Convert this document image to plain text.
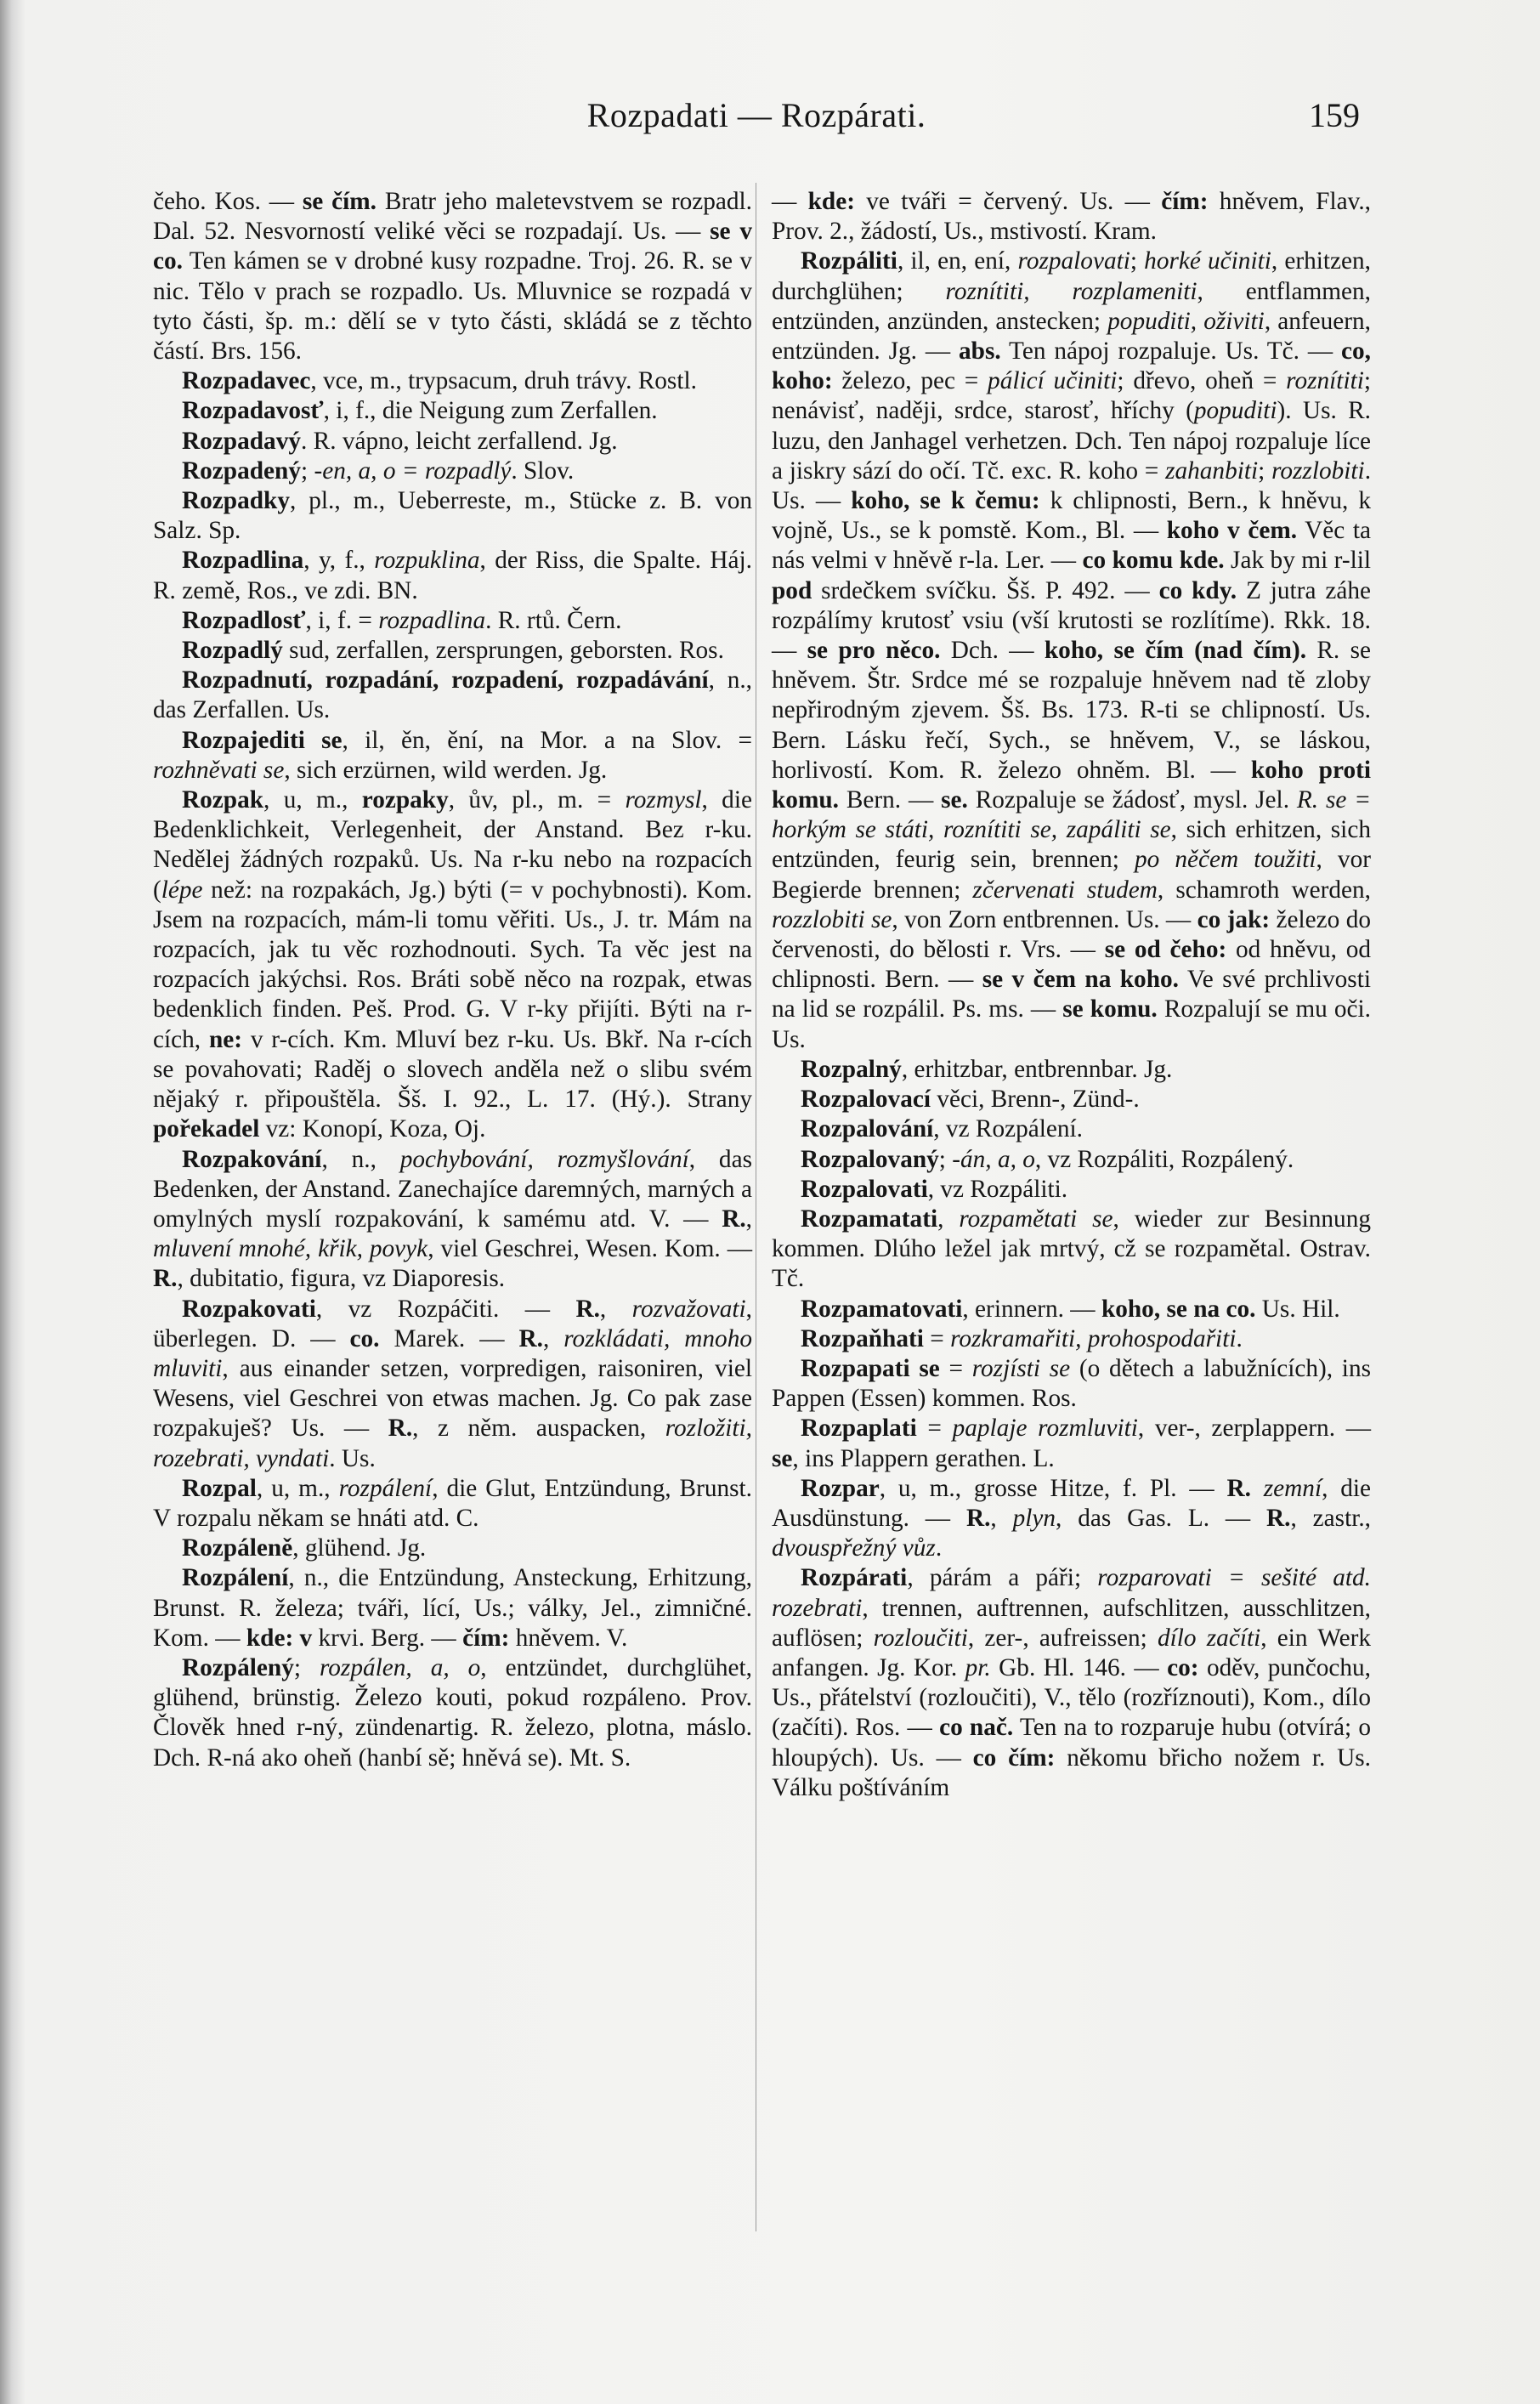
Rozpadati — Rozpárati.	159

čeho. Kos. — se čím. Bratr jeho maletevstvem se rozpadl. Dal. 52. Nesvorností veliké věci se rozpadají. Us. — se v co. Ten kámen se v drobné kusy rozpadne. Troj. 26. R. se v nic. Tělo v prach se rozpadlo. Us. Mluvnice se rozpadá v tyto části, šp. m.: dělí se v tyto části, skládá se z těchto částí. Brs. 156.

Rozpadavec, vce, m., trypsacum, druh trávy. Rostl.

Rozpadavosť, i, f., die Neigung zum Zerfallen.

Rozpadavý. R. vápno, leicht zerfallend. Jg.

Rozpadený; -en, a, o = rozpadlý. Slov.

Rozpadky, pl., m., Ueberreste, m., Stücke z. B. von Salz. Sp.

Rozpadlina, y, f., rozpuklina, der Riss, die Spalte. Háj. R. země, Ros., ve zdi. BN.

Rozpadlosť, i, f. = rozpadlina. R. rtů. Čern.

Rozpadlý sud, zerfallen, zersprungen, geborsten. Ros.

Rozpadnutí, rozpadání, rozpadení, rozpadávání, n., das Zerfallen. Us.

Rozpajediti se, il, ěn, ění, na Mor. a na Slov. = rozhněvati se, sich erzürnen, wild werden. Jg.

Rozpak, u, m., rozpaky, ův, pl., m. = rozmysl, die Bedenklichkeit, Verlegenheit, der Anstand. Bez r-ku. Nedělej žádných rozpaků. Us. Na r-ku nebo na rozpacích (lépe než: na rozpakách, Jg.) býti (= v pochybnosti). Kom. Jsem na rozpacích, mám-li tomu věřiti. Us., J. tr. Mám na rozpacích, jak tu věc rozhodnouti. Sych. Ta věc jest na rozpacích jakýchsi. Ros. Bráti sobě něco na rozpak, etwas bedenklich finden. Peš. Prod. G. V r-ky přijíti. Býti na r-cích, ne: v r-cích. Km. Mluví bez r-ku. Us. Bkř. Na r-cích se povahovati; Raděj o slovech anděla než o slibu svém nějaký r. připouštěla. Šš. I. 92., L. 17. (Hý.). Strany pořekadel vz: Konopí, Koza, Oj.

Rozpakování, n., pochybování, rozmyšlování, das Bedenken, der Anstand. Zanechajíce daremných, marných a omylných myslí rozpakování, k samému atd. V. — R., mluvení mnohé, křik, povyk, viel Geschrei, Wesen. Kom. — R., dubitatio, figura, vz Diaporesis.

Rozpakovati, vz Rozpáčiti. — R., rozvažovati, überlegen. D. — co. Marek. — R., rozkládati, mnoho mluviti, aus einander setzen, vorpredigen, raisoniren, viel Wesens, viel Geschrei von etwas machen. Jg. Co pak zase rozpakuješ? Us. — R., z něm. auspacken, rozložiti, rozebrati, vyndati. Us.

Rozpal, u, m., rozpálení, die Glut, Entzündung, Brunst. V rozpalu někam se hnáti atd. C.

Rozpáleně, glühend. Jg.

Rozpálení, n., die Entzündung, Ansteckung, Erhitzung, Brunst. R. železa; tváři, lící, Us.; války, Jel., zimničné. Kom. — kde: v krvi. Berg. — čím: hněvem. V.

Rozpálený; rozpálen, a, o, entzündet, durchglühet, glühend, brünstig. Železo kouti, pokud rozpáleno. Prov. Člověk hned r-ný, zündenartig. R. železo, plotna, máslo. Dch. R-ná ako oheň (hanbí sě; hněvá se). Mt. S.

— kde: ve tváři = červený. Us. — čím: hněvem, Flav., Prov. 2., žádostí, Us., mstivostí. Kram.

Rozpáliti, il, en, ení, rozpalovati; horké učiniti, erhitzen, durchglühen; roznítiti, rozplameniti, entflammen, entzünden, anzünden, anstecken; popuditi, oživiti, anfeuern, entzünden. Jg. — abs. Ten nápoj rozpaluje. Us. Tč. — co, koho: železo, pec = pálicí učiniti; dřevo, oheň = roznítiti; nenávisť, naději, srdce, starosť, hříchy (popuditi). Us. R. luzu, den Janhagel verhetzen. Dch. Ten nápoj rozpaluje líce a jiskry sází do očí. Tč. exc. R. koho = zahanbiti; rozzlobiti. Us. — koho, se k čemu: k chlipnosti, Bern., k hněvu, k vojně, Us., se k pomstě. Kom., Bl. — koho v čem. Věc ta nás velmi v hněvě r-la. Ler. — co komu kde. Jak by mi r-lil pod srdečkem svíčku. Šš. P. 492. — co kdy. Z jutra záhe rozpálímy krutosť vsiu (vší krutosti se rozlítíme). Rkk. 18. — se pro něco. Dch. — koho, se čím (nad čím). R. se hněvem. Štr. Srdce mé se rozpaluje hněvem nad tě zloby nepřirodným zjevem. Šš. Bs. 173. R-ti se chlipností. Us. Bern. Lásku řečí, Sych., se hněvem, V., se láskou, horlivostí. Kom. R. železo ohněm. Bl. — koho proti komu. Bern. — se. Rozpaluje se žádosť, mysl. Jel. R. se = horkým se státi, roznítiti se, zapáliti se, sich erhitzen, sich entzünden, feurig sein, brennen; po něčem toužiti, vor Begierde brennen; zčervenati studem, schamroth werden, rozzlobiti se, von Zorn entbrennen. Us. — co jak: železo do červenosti, do bělosti r. Vrs. — se od čeho: od hněvu, od chlipnosti. Bern. — se v čem na koho. Ve své prchlivosti na lid se rozpálil. Ps. ms. — se komu. Rozpalují se mu oči. Us.

Rozpalný, erhitzbar, entbrennbar. Jg.

Rozpalovací věci, Brenn-, Zünd-.

Rozpalování, vz Rozpálení.

Rozpalovaný; -án, a, o, vz Rozpáliti, Rozpálený.

Rozpalovati, vz Rozpáliti.

Rozpamatati, rozpamětati se, wieder zur Besinnung kommen. Dlúho ležel jak mrtvý, cž se rozpamětal. Ostrav. Tč.

Rozpamatovati, erinnern. — koho, se na co. Us. Hil.

Rozpaňhati = rozkramařiti, prohospodařiti.

Rozpapati se = rozjísti se (o dětech a labužnících), ins Pappen (Essen) kommen. Ros.

Rozpaplati = paplaje rozmluviti, ver-, zerplappern. — se, ins Plappern gerathen. L.

Rozpar, u, m., grosse Hitze, f. Pl. — R. zemní, die Ausdünstung. — R., plyn, das Gas. L. — R., zastr., dvouspřežný vůz.

Rozpárati, párám a páři; rozparovati = sešité atd. rozebrati, trennen, auftrennen, aufschlitzen, ausschlitzen, auflösen; rozloučiti, zer-, aufreissen; dílo začíti, ein Werk anfangen. Jg. Kor. pr. Gb. Hl. 146. — co: oděv, punčochu, Us., přátelství (rozloučiti), V., tělo (rozříznouti), Kom., dílo (začíti). Ros. — co nač. Ten na to rozparuje hubu (otvírá; o hloupých). Us. — co čím: někomu břicho nožem r. Us. Válku poštíváním
